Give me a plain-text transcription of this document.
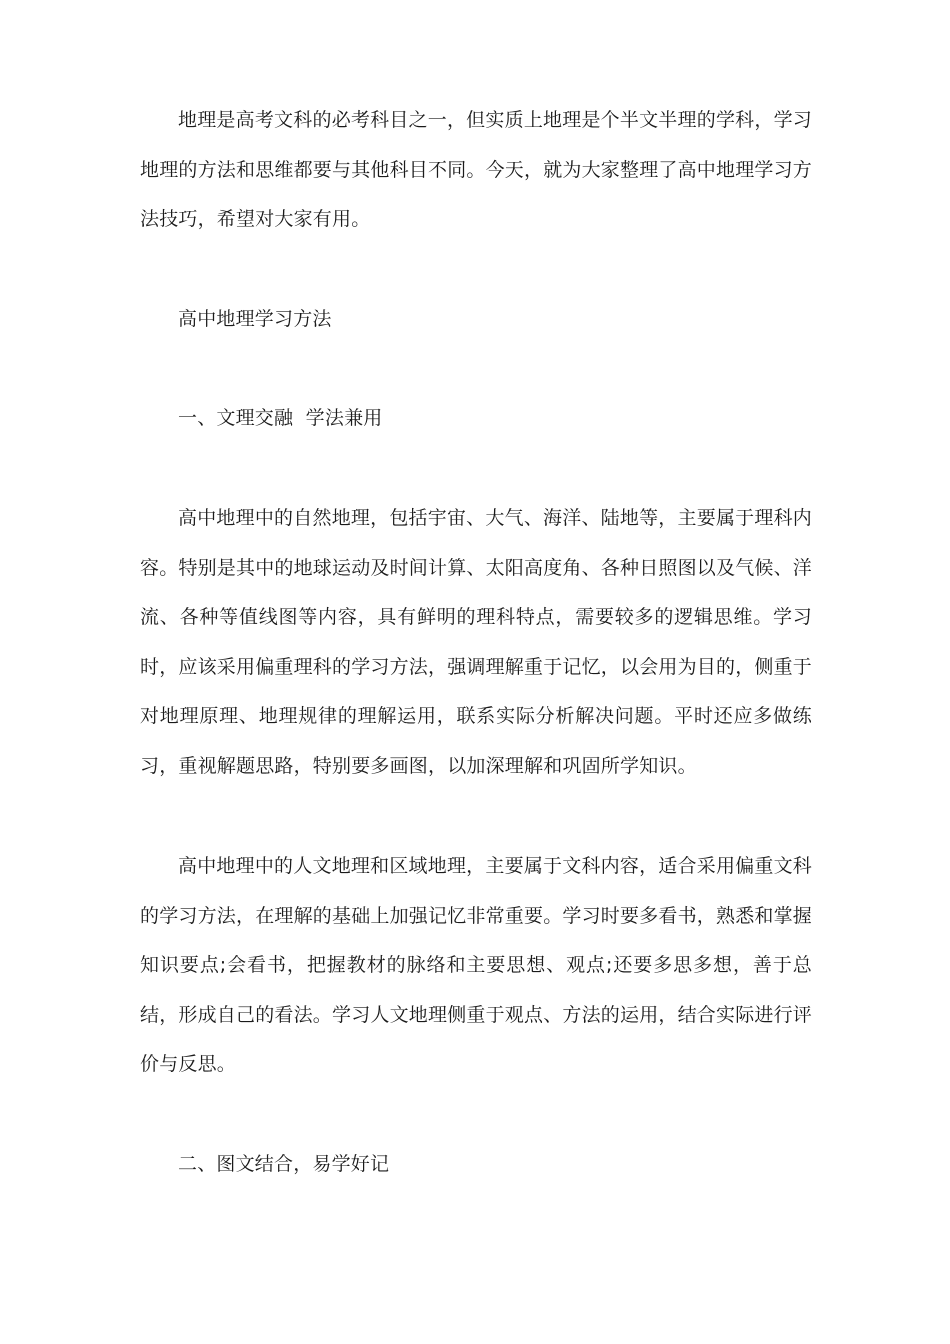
地理是高考文科的必考科目之一，但实质上地理是个半文半理的学科，学习地理的方法和思维都要与其他科目不同。今天，就为大家整理了高中地理学习方法技巧，希望对大家有用。

高中地理学习方法

一、文理交融  学法兼用

高中地理中的自然地理，包括宇宙、大气、海洋、陆地等，主要属于理科内容。特别是其中的地球运动及时间计算、太阳高度角、各种日照图以及气候、洋流、各种等值线图等内容，具有鲜明的理科特点，需要较多的逻辑思维。学习时，应该采用偏重理科的学习方法，强调理解重于记忆，以会用为目的，侧重于对地理原理、地理规律的理解运用，联系实际分析解决问题。平时还应多做练习，重视解题思路，特别要多画图，以加深理解和巩固所学知识。

高中地理中的人文地理和区域地理，主要属于文科内容，适合采用偏重文科的学习方法，在理解的基础上加强记忆非常重要。学习时要多看书，熟悉和掌握知识要点;会看书，把握教材的脉络和主要思想、观点;还要多思多想，善于总结，形成自己的看法。学习人文地理侧重于观点、方法的运用，结合实际进行评价与反思。

二、图文结合，易学好记
